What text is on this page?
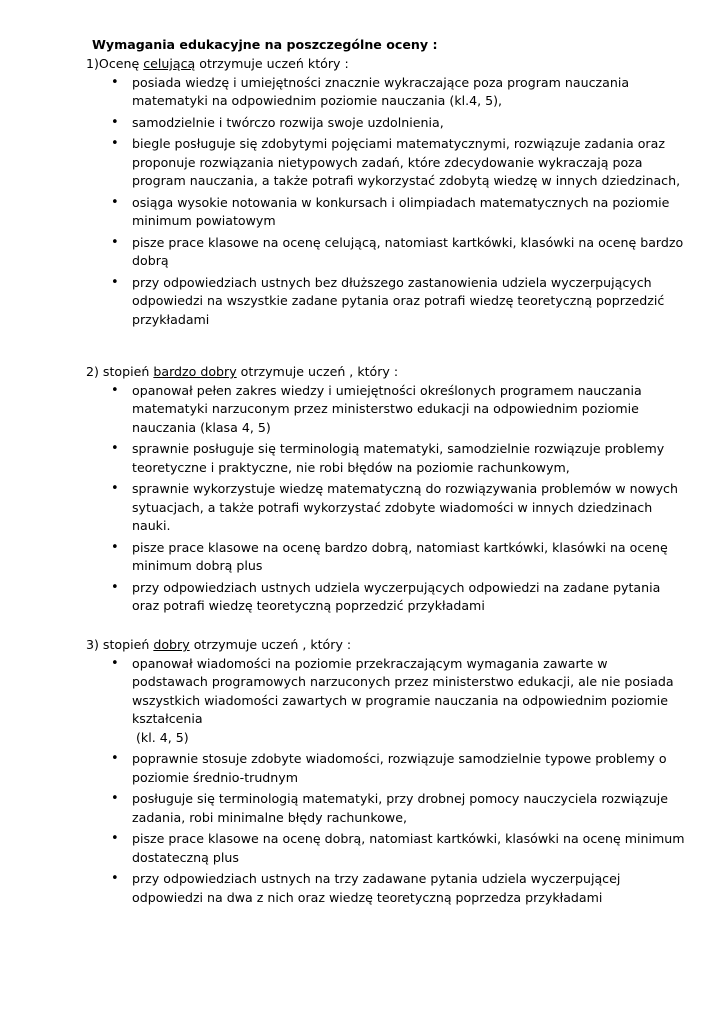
Wymagania edukacyjne na poszczególne oceny :
1)Ocenę celującą otrzymuje uczeń który :
• posiada wiedzę i umiejętności znacznie wykraczające poza program nauczania matematyki na odpowiednim poziomie nauczania (kl.4, 5),
• samodzielnie i twórczo rozwija swoje uzdolnienia,
• biegle posługuje się zdobytymi pojęciami matematycznymi, rozwiązuje zadania oraz proponuje rozwiązania nietypowych zadań, które zdecydowanie wykraczają poza program nauczania, a także potrafi wykorzystać zdobytą wiedzę w innych dziedzinach,
• osiąga wysokie notowania w konkursach i olimpiadach matematycznych na poziomie minimum powiatowym
• pisze prace klasowe na ocenę celującą, natomiast kartkówki, klasówki na ocenę bardzo dobrą
• przy odpowiedziach ustnych bez dłuższego zastanowienia udziela wyczerpujących odpowiedzi na wszystkie zadane pytania oraz potrafi wiedzę teoretyczną poprzedzić przykładami
2) stopień bardzo dobry otrzymuje uczeń , który :
• opanował pełen zakres wiedzy i umiejętności określonych programem nauczania matematyki narzuconym przez ministerstwo edukacji na odpowiednim poziomie nauczania (klasa 4, 5)
• sprawnie posługuje się terminologią matematyki, samodzielnie rozwiązuje problemy teoretyczne i praktyczne, nie robi błędów na poziomie rachunkowym,
• sprawnie wykorzystuje wiedzę matematyczną do rozwiązywania problemów w nowych sytuacjach, a także potrafi wykorzystać zdobyte wiadomości w innych dziedzinach nauki.
• pisze prace klasowe na ocenę bardzo dobrą, natomiast kartkówki, klasówki na ocenę minimum dobrą plus
• przy odpowiedziach ustnych udziela wyczerpujących odpowiedzi na zadane pytania oraz potrafi wiedzę teoretyczną poprzedzić przykładami
3) stopień dobry otrzymuje uczeń , który :
• opanował wiadomości na poziomie przekraczającym wymagania zawarte w podstawach programowych narzuconych przez ministerstwo edukacji, ale nie posiada wszystkich wiadomości zawartych w programie nauczania na odpowiednim poziomie kształcenia
(kl. 4, 5)
• poprawnie stosuje zdobyte wiadomości, rozwiązuje samodzielnie typowe problemy o poziomie średnio-trudnym
• posługuje się terminologią matematyki, przy drobnej pomocy nauczyciela rozwiązuje zadania, robi minimalne błędy rachunkowe,
• pisze prace klasowe na ocenę dobrą, natomiast kartkówki, klasówki na ocenę minimum dostateczną plus
• przy odpowiedziach ustnych na trzy zadawane pytania udziela wyczerpującej odpowiedzi na dwa z nich oraz wiedzę teoretyczną poprzedza przykładami
